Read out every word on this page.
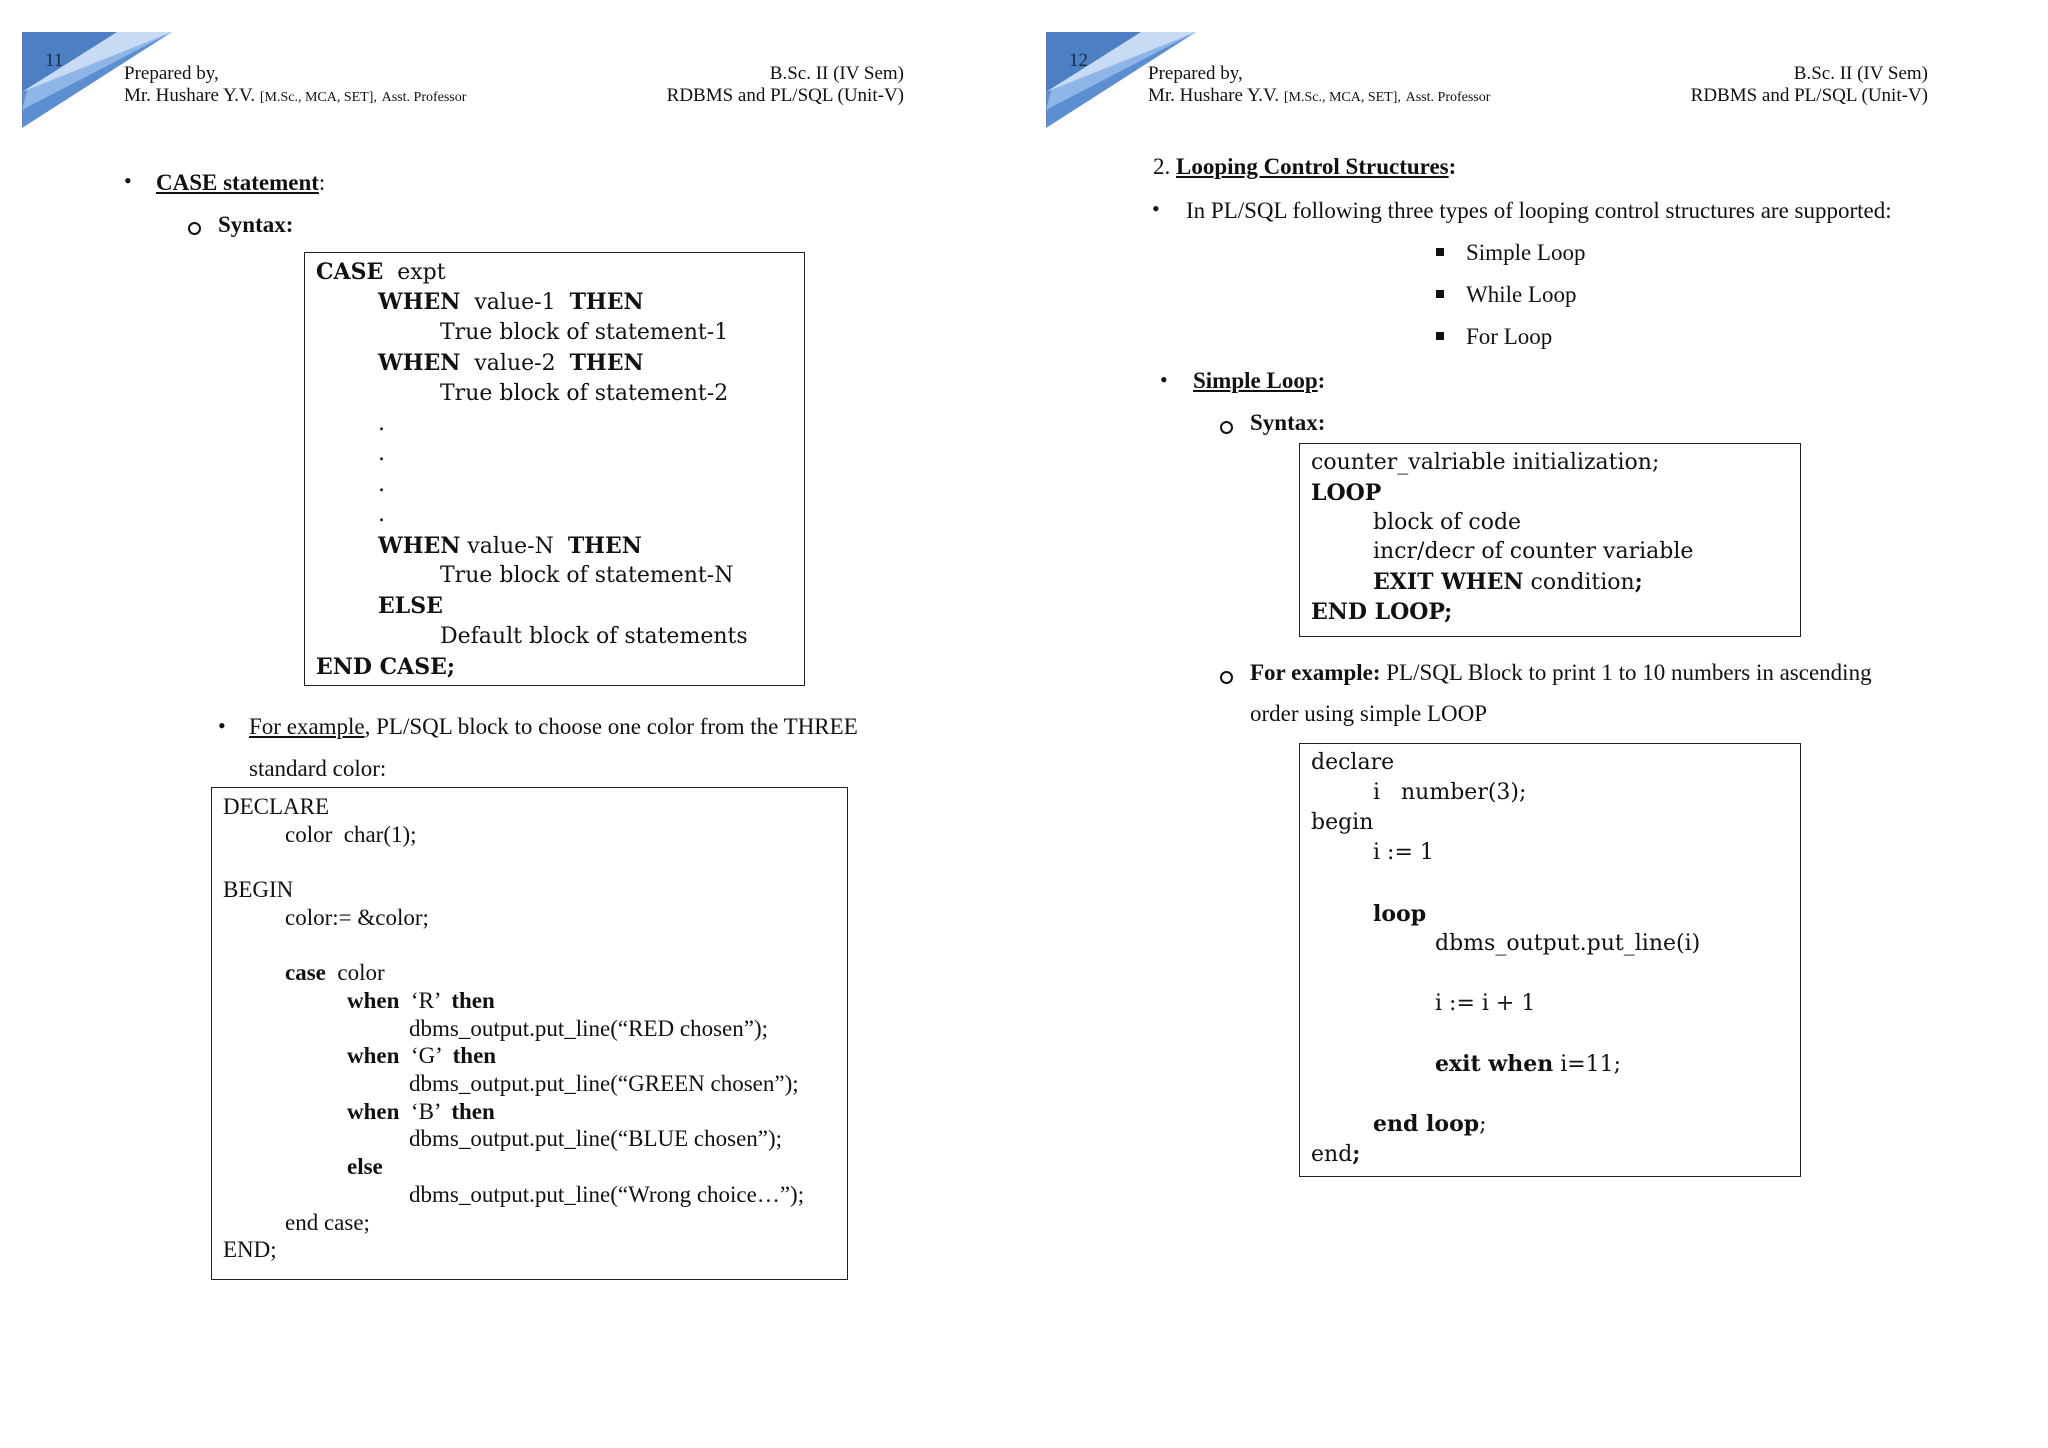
11
Prepared by,
Mr. Hushare Y.V. [M.Sc., MCA, SET], Asst. Professor
B.Sc. II (IV Sem)
RDBMS and PL/SQL (Unit-V)
• CASE statement:
Syntax:
CASE  expt
WHEN  value-1  THEN
True block of statement-1
WHEN  value-2  THEN
True block of statement-2
.
.
.
.
WHEN value-N  THEN
True block of statement-N
ELSE
Default block of statements
END CASE;
• For example, PL/SQL block to choose one color from the THREE
standard color:
DECLARE
color  char(1);
BEGIN
color:= &color;
case  color
when  ‘R’  then
dbms_output.put_line(“RED chosen”);
when  ‘G’  then
dbms_output.put_line(“GREEN chosen”);
when  ‘B’  then
dbms_output.put_line(“BLUE chosen”);
else
dbms_output.put_line(“Wrong choice…”);
end case;
END;
12
Prepared by,
Mr. Hushare Y.V. [M.Sc., MCA, SET], Asst. Professor
B.Sc. II (IV Sem)
RDBMS and PL/SQL (Unit-V)
2. Looping Control Structures:
• In PL/SQL following three types of looping control structures are supported:
Simple Loop
While Loop
For Loop
• Simple Loop:
Syntax:
counter_valriable initialization;
LOOP
block of code
incr/decr of counter variable
EXIT WHEN condition;
END LOOP;
For example: PL/SQL Block to print 1 to 10 numbers in ascending
order using simple LOOP
declare
i   number(3);
begin
i := 1
loop
dbms_output.put_line(i)
i := i + 1
exit when i=11;
end loop;
end;
